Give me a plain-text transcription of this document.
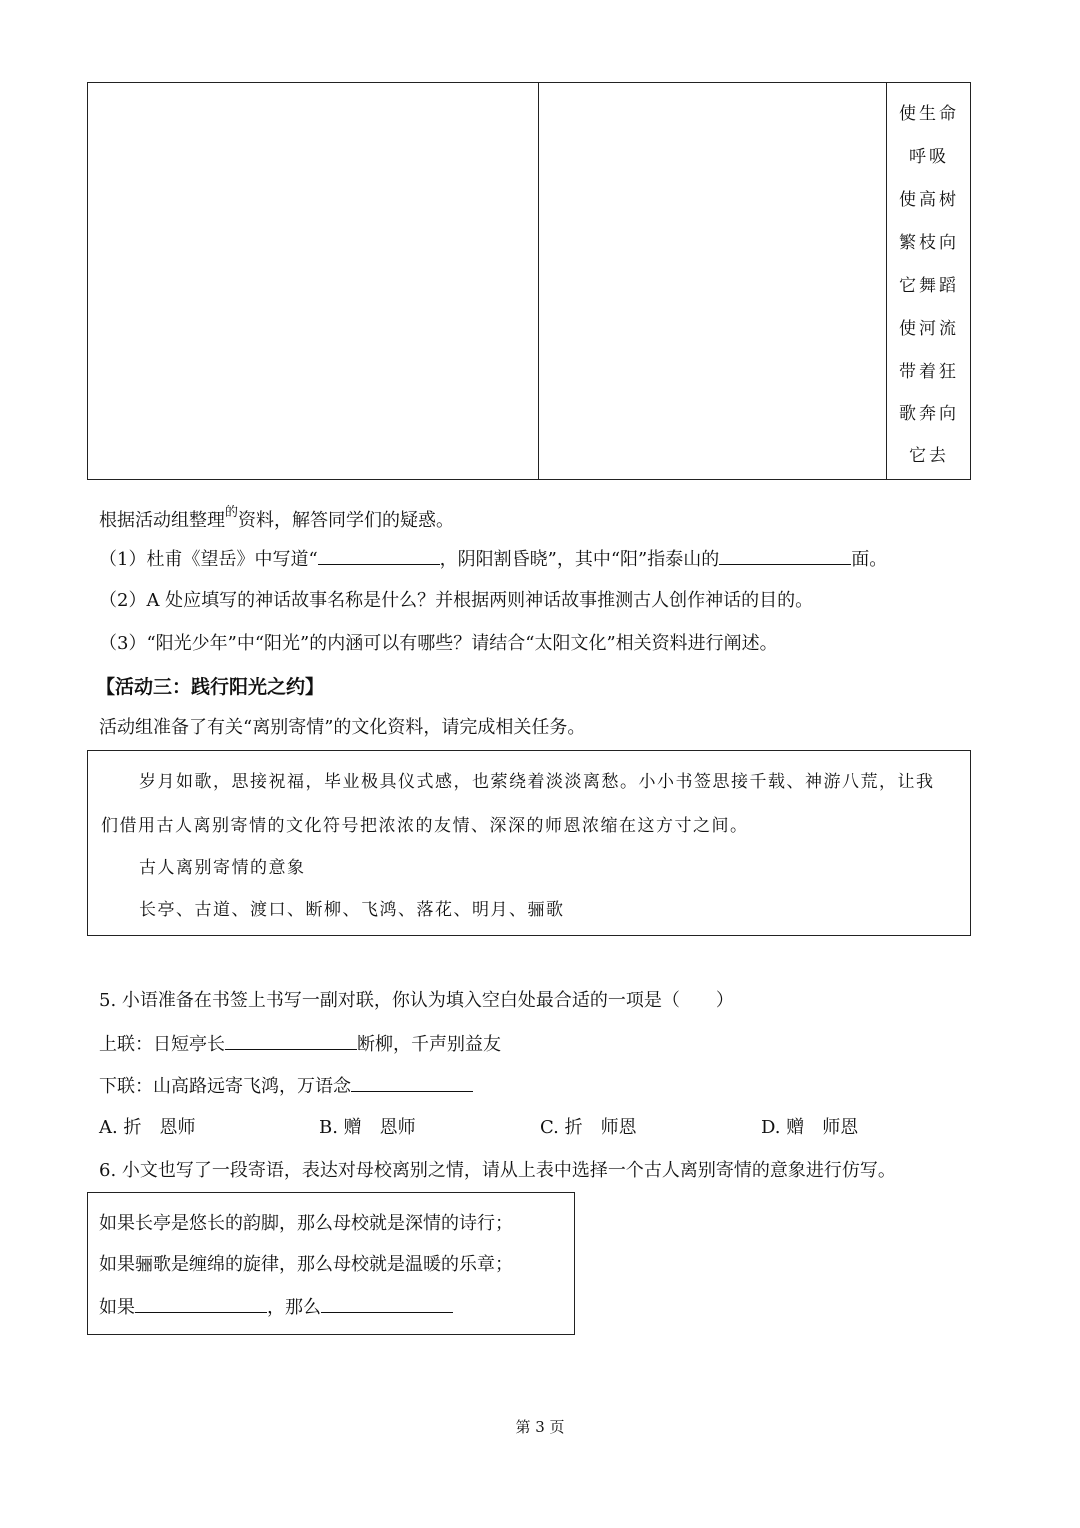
使生命
呼吸
使高树
繁枝向
它舞蹈
使河流
带着狂
歌奔向
它去
根据活动组整理$^的$资料，解答同学们的疑惑。
（1）杜甫《望岳》中写道“	，阴阳割昏晓”，其中“阳”指泰山的	面。
（2）A 处应填写的神话故事名称是什么？并根据两则神话故事推测古人创作神话的目的。
（3）“阳光少年”中“阳光”的内涵可以有哪些？请结合“太阳文化”相关资料进行阐述。
【活动三：践行阳光之约】
活动组准备了有关“离别寄情”的文化资料，请完成相关任务。
岁月如歌，思接祝福，毕业极具仪式感，也萦绕着淡淡离愁。小小书签思接千载、神游八荒，让我
们借用古人离别寄情的文化符号把浓浓的友情、深深的师恩浓缩在这方寸之间。
古人离别寄情的意象
长亭、古道、渡口、断柳、飞鸿、落花、明月、骊歌
5. 小语准备在书签上书写一副对联，你认为填入空白处最合适的一项是（　　）
上联：日短亭长	断柳，千声别益友
下联：山高路远寄飞鸿，万语念
A. 折　恩师	B. 赠　恩师	C. 折　师恩	D. 赠　师恩
6. 小文也写了一段寄语，表达对母校离别之情，请从上表中选择一个古人离别寄情的意象进行仿写。
如果长亭是悠长的韵脚，那么母校就是深情的诗行；
如果骊歌是缠绵的旋律，那么母校就是温暖的乐章；
如果	，那么
第 3 页
